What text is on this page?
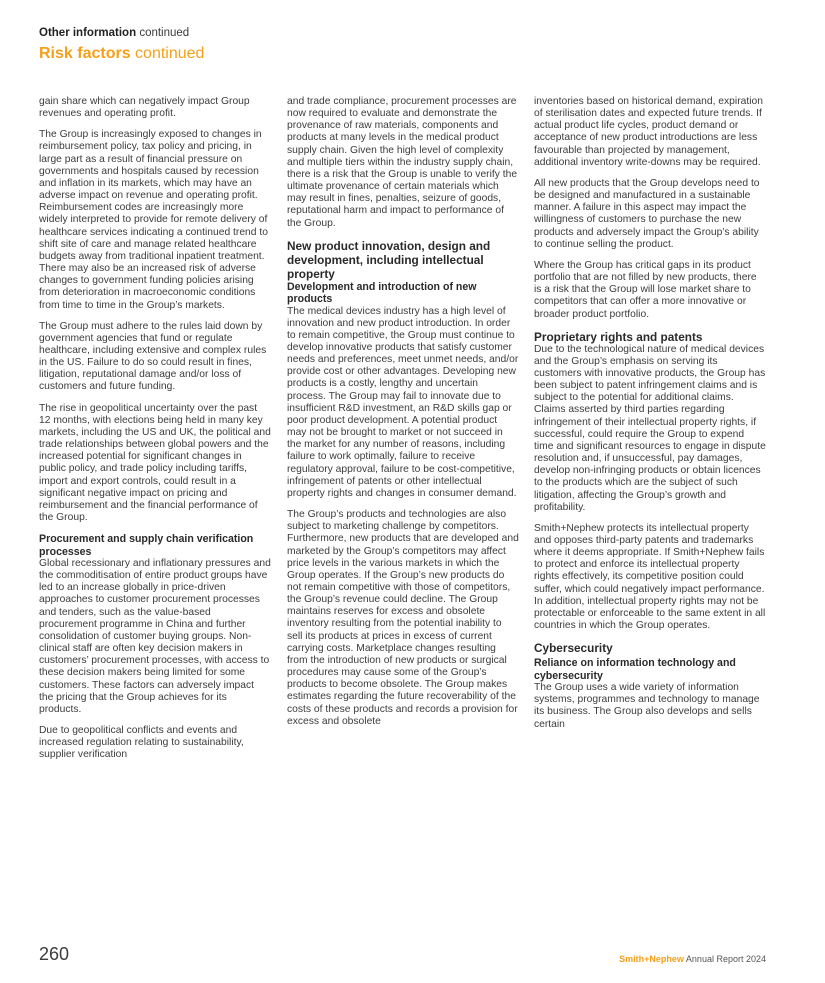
Other information continued
Risk factors continued

gain share which can negatively impact Group revenues and operating profit.

The Group is increasingly exposed to changes in reimbursement policy, tax policy and pricing, in large part as a result of financial pressure on governments and hospitals caused by recession and inflation in its markets, which may have an adverse impact on revenue and operating profit. Reimbursement codes are increasingly more widely interpreted to provide for remote delivery of healthcare services indicating a continued trend to shift site of care and manage related healthcare budgets away from traditional inpatient treatment. There may also be an increased risk of adverse changes to government funding policies arising from deterioration in macroeconomic conditions from time to time in the Group’s markets.

The Group must adhere to the rules laid down by government agencies that fund or regulate healthcare, including extensive and complex rules in the US. Failure to do so could result in fines, litigation, reputational damage and/or loss of customers and future funding.

The rise in geopolitical uncertainty over the past 12 months, with elections being held in many key markets, including the US and UK, the political and trade relationships between global powers and the increased potential for significant changes in public policy, and trade policy including tariffs, import and export controls, could result in a significant negative impact on pricing and reimbursement and the financial performance of the Group.

Procurement and supply chain verification processes

Global recessionary and inflationary pressures and the commoditisation of entire product groups have led to an increase globally in price-driven approaches to customer procurement processes and tenders, such as the value-based procurement programme in China and further consolidation of customer buying groups. Non-clinical staff are often key decision makers in customers’ procurement processes, with access to these decision makers being limited for some customers. These factors can adversely impact the pricing that the Group achieves for its products.

Due to geopolitical conflicts and events and increased regulation relating to sustainability, supplier verification

and trade compliance, procurement processes are now required to evaluate and demonstrate the provenance of raw materials, components and products at many levels in the medical product supply chain. Given the high level of complexity and multiple tiers within the industry supply chain, there is a risk that the Group is unable to verify the ultimate provenance of certain materials which may result in fines, penalties, seizure of goods, reputational harm and impact to performance of the Group.

New product innovation, design and development, including intellectual property
Development and introduction of new products

The medical devices industry has a high level of innovation and new product introduction. In order to remain competitive, the Group must continue to develop innovative products that satisfy customer needs and preferences, meet unmet needs, and/or provide cost or other advantages. Developing new products is a costly, lengthy and uncertain process. The Group may fail to innovate due to insufficient R&D investment, an R&D skills gap or poor product development. A potential product may not be brought to market or not succeed in the market for any number of reasons, including failure to work optimally, failure to receive regulatory approval, failure to be cost-competitive, infringement of patents or other intellectual property rights and changes in consumer demand.

The Group’s products and technologies are also subject to marketing challenge by competitors. Furthermore, new products that are developed and marketed by the Group’s competitors may affect price levels in the various markets in which the Group operates. If the Group’s new products do not remain competitive with those of competitors, the Group’s revenue could decline. The Group maintains reserves for excess and obsolete inventory resulting from the potential inability to sell its products at prices in excess of current carrying costs. Marketplace changes resulting from the introduction of new products or surgical procedures may cause some of the Group’s products to become obsolete. The Group makes estimates regarding the future recoverability of the costs of these products and records a provision for excess and obsolete

inventories based on historical demand, expiration of sterilisation dates and expected future trends. If actual product life cycles, product demand or acceptance of new product introductions are less favourable than projected by management, additional inventory write-downs may be required.

All new products that the Group develops need to be designed and manufactured in a sustainable manner. A failure in this aspect may impact the willingness of customers to purchase the new products and adversely impact the Group’s ability to continue selling the product.

Where the Group has critical gaps in its product portfolio that are not filled by new products, there is a risk that the Group will lose market share to competitors that can offer a more innovative or broader product portfolio.

Proprietary rights and patents

Due to the technological nature of medical devices and the Group’s emphasis on serving its customers with innovative products, the Group has been subject to patent infringement claims and is subject to the potential for additional claims. Claims asserted by third parties regarding infringement of their intellectual property rights, if successful, could require the Group to expend time and significant resources to engage in dispute resolution and, if unsuccessful, pay damages, develop non-infringing products or obtain licences to the products which are the subject of such litigation, affecting the Group’s growth and profitability.

Smith+Nephew protects its intellectual property and opposes third-party patents and trademarks where it deems appropriate. If Smith+Nephew fails to protect and enforce its intellectual property rights effectively, its competitive position could suffer, which could negatively impact performance. In addition, intellectual property rights may not be protectable or enforceable to the same extent in all countries in which the Group operates.

Cybersecurity
Reliance on information technology and cybersecurity

The Group uses a wide variety of information systems, programmes and technology to manage its business. The Group also develops and sells certain

260	Smith+Nephew Annual Report 2024
